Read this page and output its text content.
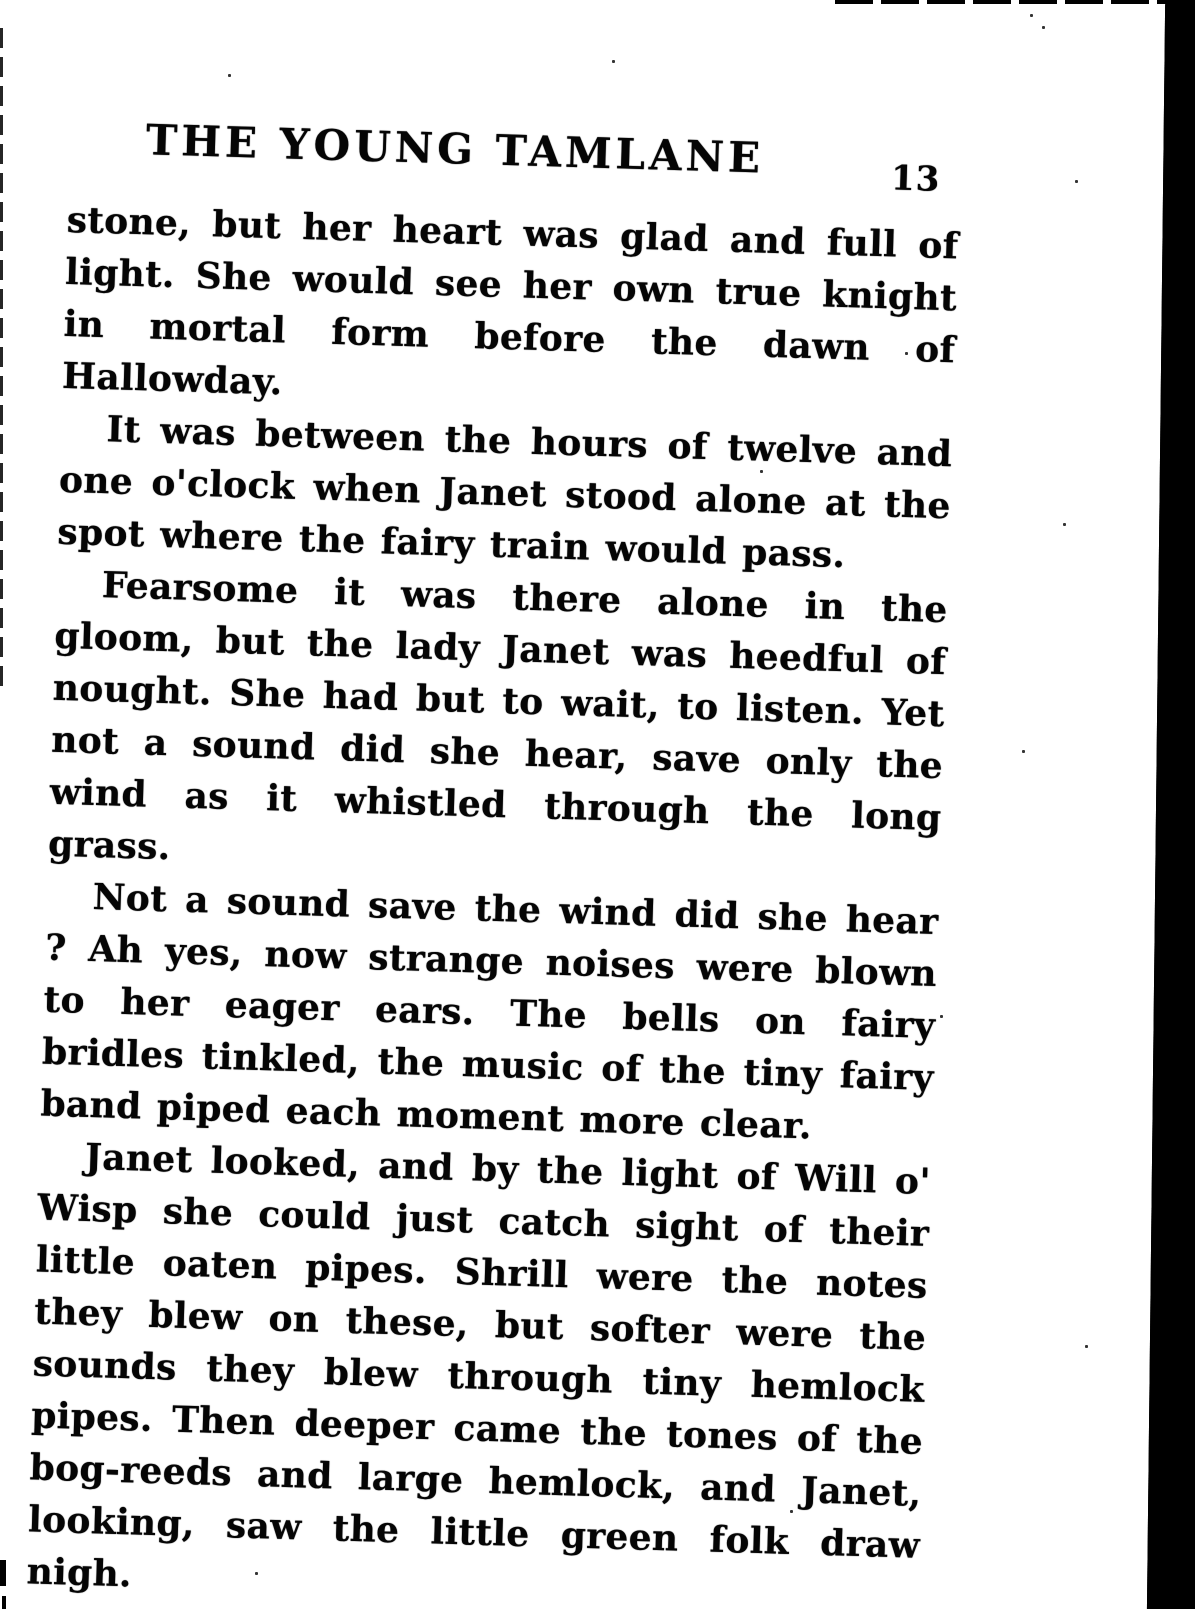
THE YOUNG TAMLANE	13

stone, but her heart was glad and full of light. She would see her own true knight in mortal form before the dawn of Hallowday.

It was between the hours of twelve and one o'clock when Janet stood alone at the spot where the fairy train would pass.

Fearsome it was there alone in the gloom, but the lady Janet was heedful of nought. She had but to wait, to listen. Yet not a sound did she hear, save only the wind as it whistled through the long grass.

Not a sound save the wind did she hear ? Ah yes, now strange noises were blown to her eager ears. The bells on fairy bridles tinkled, the music of the tiny fairy band piped each moment more clear.

Janet looked, and by the light of Will o' Wisp she could just catch sight of their little oaten pipes. Shrill were the notes they blew on these, but softer were the sounds they blew through tiny hemlock pipes. Then deeper came the tones of the bog-reeds and large hemlock, and Janet, looking, saw the little green folk draw nigh.
